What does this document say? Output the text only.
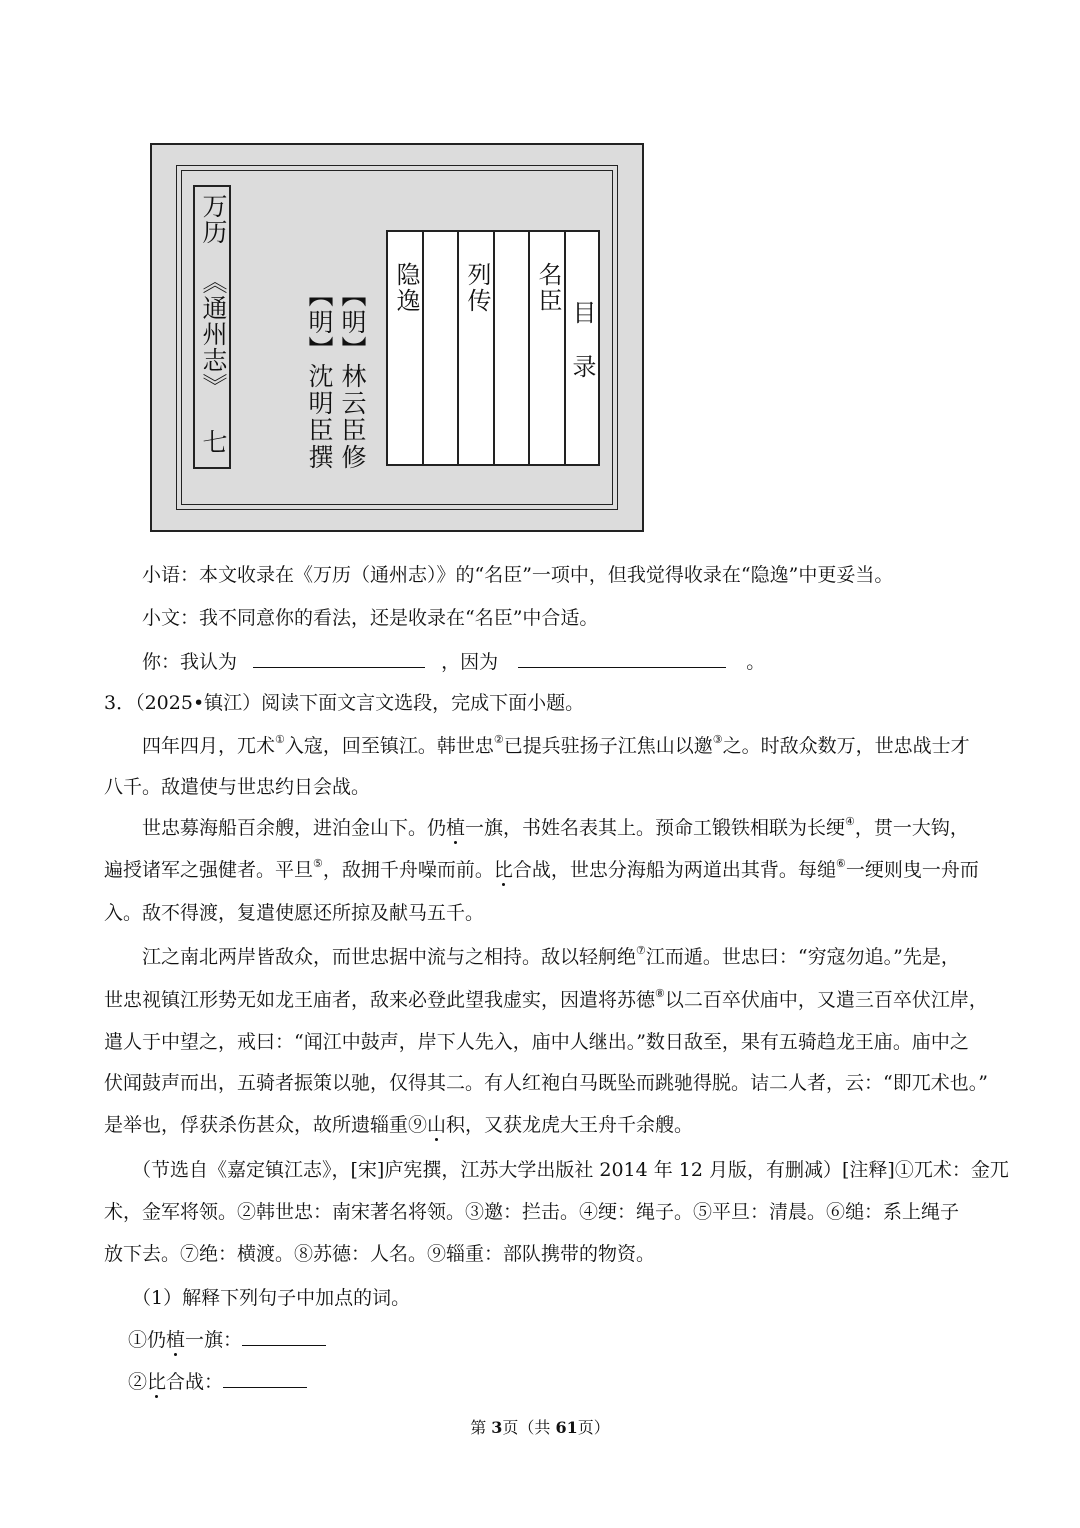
万历
《通州志》
七
【明】林云臣修
【明】沈明臣撰
隐逸 列传 名臣
目录
小语：本文收录在《万历（通州志）》的“名臣”一项中，但我觉得收录在“隐逸”中更妥当。
小文：我不同意你的看法，还是收录在“名臣”中合适。
你：我认为	，因为	。
3．（2025•镇江）阅读下面文言文选段，完成下面小题。
四年四月，兀术①入寇，回至镇江。韩世忠②已提兵驻扬子江焦山以邀③之。时敌众数万，世忠战士才
八千。敌遣使与世忠约日会战。
世忠募海船百余艘，进泊金山下。仍植一旗，书姓名表其上。预命工锻铁相联为长绠④，贯一大钩，
遍授诸军之强健者。平旦⑤，敌拥千舟噪而前。比合战，世忠分海船为两道出其背。每缒⑥一绠则曳一舟而
入。敌不得渡，复遣使愿还所掠及献马五千。
江之南北两岸皆敌众，而世忠据中流与之相持。敌以轻舸绝⑦江而遁。世忠曰：“穷寇勿追。”先是，
世忠视镇江形势无如龙王庙者，敌来必登此望我虚实，因遣将苏德⑧以二百卒伏庙中，又遣三百卒伏江岸，
遣人于中望之，戒曰：“闻江中鼓声，岸下人先入，庙中人继出。”数日敌至，果有五骑趋龙王庙。庙中之
伏闻鼓声而出，五骑者振策以驰，仅得其二。有人红袍白马既坠而跳驰得脱。诘二人者，云：“即兀术也。”
是举也，俘获杀伤甚众，故所遗辎重⑨山积，又获龙虎大王舟千余艘。
（节选自《嘉定镇江志》，[宋]庐宪撰，江苏大学出版社 2014 年 12 月版，有删减）[注释]①兀术：金兀
术，金军将领。②韩世忠：南宋著名将领。③邀：拦击。④绠：绳子。⑤平旦：清晨。⑥缒：系上绳子
放下去。⑦绝：横渡。⑧苏德：人名。⑨辎重：部队携带的物资。
（1）解释下列句子中加点的词。
①仍植一旗：
②比合战：
第 3页（共 61页）
